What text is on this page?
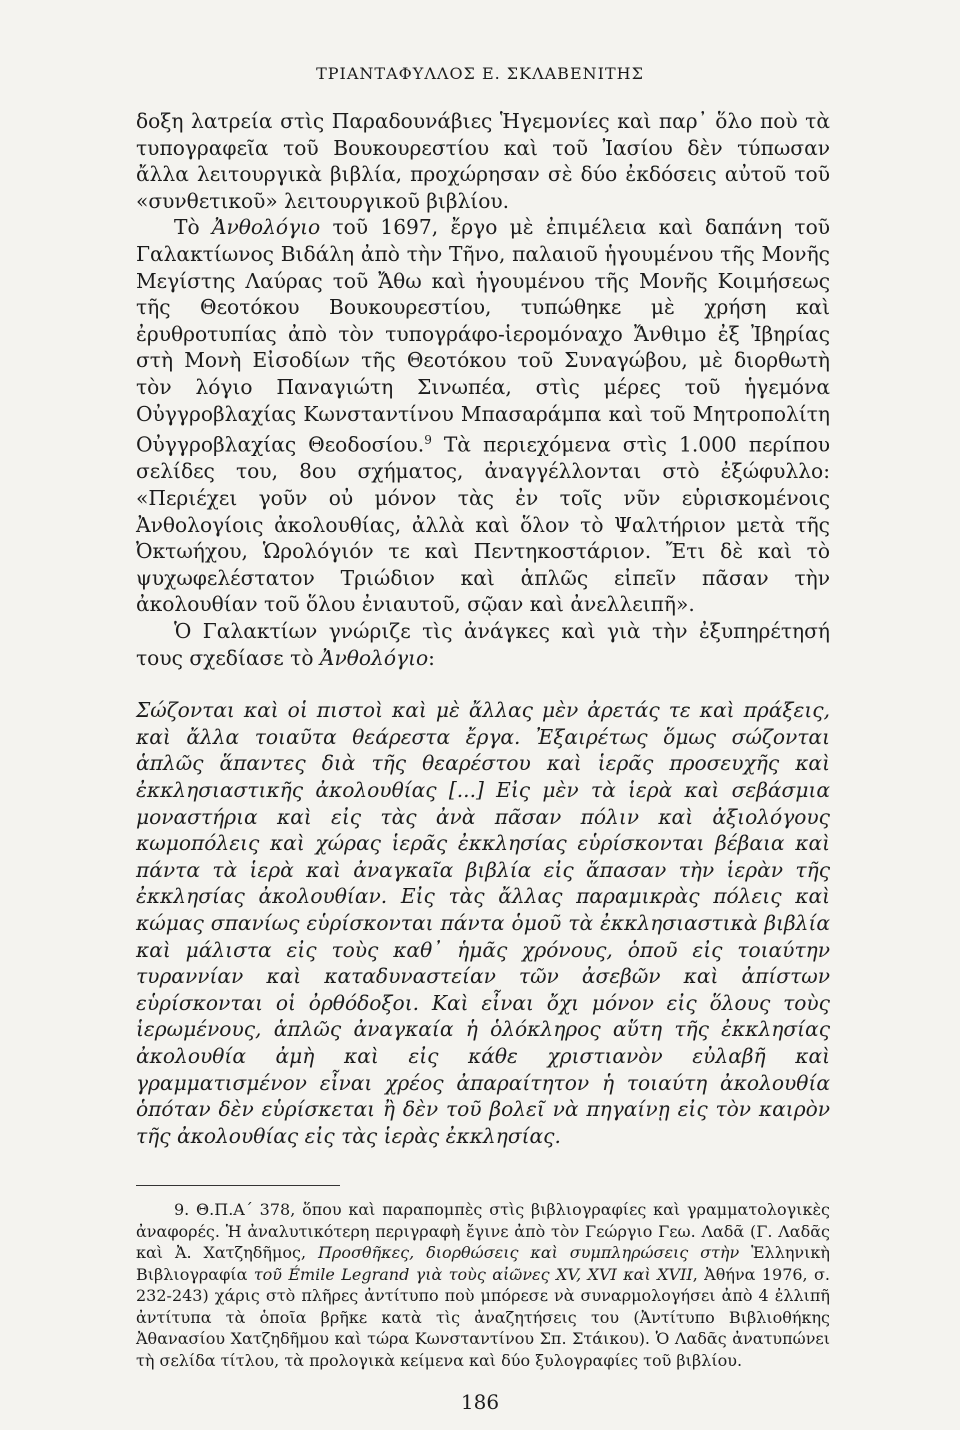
ΤΡΙΑΝΤΑΦΥΛΛΟΣ Ε. ΣΚΛΑΒΕΝΙΤΗΣ

δοξη λατρεία στὶς Παραδουνάβιες Ἡγεμονίες καὶ παρ᾽ ὅλο ποὺ τὰ τυπογραφεῖα τοῦ Βουκουρεστίου καὶ τοῦ Ἰασίου δὲν τύπωσαν ἄλλα λειτουργικὰ βιβλία, προχώρησαν σὲ δύο ἐκδόσεις αὐτοῦ τοῦ «συνθετικοῦ» λειτουργικοῦ βιβλίου.

Τὸ Ἀνθολόγιο τοῦ 1697, ἔργο μὲ ἐπιμέλεια καὶ δαπάνη τοῦ Γαλακτίωνος Βιδάλη ἀπὸ τὴν Τῆνο, παλαιοῦ ἡγουμένου τῆς Μονῆς Μεγίστης Λαύρας τοῦ Ἄθω καὶ ἡγουμένου τῆς Μονῆς Κοιμήσεως τῆς Θεοτόκου Βουκουρεστίου, τυπώθηκε μὲ χρήση καὶ ἐρυθροτυπίας ἀπὸ τὸν τυπογράφο-ἱερομόναχο Ἄνθιμο ἐξ Ἰβηρίας στὴ Μονὴ Εἰσοδίων τῆς Θεοτόκου τοῦ Συναγώβου, μὲ διορθωτὴ τὸν λόγιο Παναγιώτη Σινωπέα, στὶς μέρες τοῦ ἡγεμόνα Οὐγγροβλαχίας Κωνσταντίνου Μπασαράμπα καὶ τοῦ Μητροπολίτη Οὐγγροβλαχίας Θεοδοσίου.$^9$ Τὰ περιεχόμενα στὶς 1.000 περίπου σελίδες του, 8ου σχήματος, ἀναγγέλλονται στὸ ἐξώφυλλο: «Περιέχει γοῦν οὐ μόνον τὰς ἐν τοῖς νῦν εὑρισκομένοις Ἀνθολογίοις ἀκολουθίας, ἀλλὰ καὶ ὅλον τὸ Ψαλτήριον μετὰ τῆς Ὀκτωήχου, Ὡρολόγιόν τε καὶ Πεντηκοστάριον. Ἔτι δὲ καὶ τὸ ψυχωφελέστατον Τριώδιον καὶ ἁπλῶς εἰπεῖν πᾶσαν τὴν ἀκολουθίαν τοῦ ὅλου ἐνιαυτοῦ, σῷαν καὶ ἀνελλειπῆ».

Ὁ Γαλακτίων γνώριζε τὶς ἀνάγκες καὶ γιὰ τὴν ἐξυπηρέτησή τους σχεδίασε τὸ Ἀνθολόγιο:

Σώζονται καὶ οἱ πιστοὶ καὶ μὲ ἄλλας μὲν ἀρετάς τε καὶ πράξεις, καὶ ἄλλα τοιαῦτα θεάρεστα ἔργα. Ἐξαιρέτως ὅμως σώζονται ἁπλῶς ἅπαντες διὰ τῆς θεαρέστου καὶ ἱερᾶς προσευχῆς καὶ ἐκκλησιαστικῆς ἀκολουθίας [...] Εἰς μὲν τὰ ἱερὰ καὶ σεβάσμια μοναστήρια καὶ εἰς τὰς ἀνὰ πᾶσαν πόλιν καὶ ἀξιολόγους κωμοπόλεις καὶ χώρας ἱερᾶς ἐκκλησίας εὑρίσκονται βέβαια καὶ πάντα τὰ ἱερὰ καὶ ἀναγκαῖα βιβλία εἰς ἅπασαν τὴν ἱερὰν τῆς ἐκκλησίας ἀκολουθίαν. Εἰς τὰς ἄλλας παραμικρὰς πόλεις καὶ κώμας σπανίως εὑρίσκονται πάντα ὁμοῦ τὰ ἐκκλησιαστικὰ βιβλία καὶ μάλιστα εἰς τοὺς καθ᾽ ἡμᾶς χρόνους, ὁποῦ εἰς τοιαύτην τυραννίαν καὶ καταδυναστείαν τῶν ἀσεβῶν καὶ ἀπίστων εὑρίσκονται οἱ ὀρθόδοξοι. Καὶ εἶναι ὄχι μόνον εἰς ὅλους τοὺς ἱερωμένους, ἁπλῶς ἀναγκαία ἡ ὁλόκληρος αὕτη τῆς ἐκκλησίας ἀκολουθία ἀμὴ καὶ εἰς κάθε χριστιανὸν εὐλαβῆ καὶ γραμματισμένον εἶναι χρέος ἀπαραίτητον ἡ τοιαύτη ἀκολουθία ὁπόταν δὲν εὑρίσκεται ἢ δὲν τοῦ βολεῖ νὰ πηγαίνῃ εἰς τὸν καιρὸν τῆς ἀκολουθίας εἰς τὰς ἱερὰς ἐκκλησίας.

9. Θ.Π.Α΄ 378, ὅπου καὶ παραπομπὲς στὶς βιβλιογραφίες καὶ γραμματολογικὲς ἀναφορές. Ἡ ἀναλυτικότερη περιγραφὴ ἔγινε ἀπὸ τὸν Γεώργιο Γεω. Λαδᾶ (Γ. Λαδᾶς καὶ Ἀ. Χατζηδῆμος, Προσθῆκες, διορθώσεις καὶ συμπληρώσεις στὴν Ἑλληνικὴ Βιβλιογραφία τοῦ Émile Legrand γιὰ τοὺς αἰῶνες XV, XVI καὶ XVII, Ἀθήνα 1976, σ. 232-243) χάρις στὸ πλῆρες ἀντίτυπο ποὺ μπόρεσε νὰ συναρμολογήσει ἀπὸ 4 ἐλλιπῆ ἀντίτυπα τὰ ὁποῖα βρῆκε κατὰ τὶς ἀναζητήσεις του (Ἀντίτυπο Βιβλιοθήκης Ἀθανασίου Χατζηδῆμου καὶ τώρα Κωνσταντίνου Σπ. Στάικου). Ὁ Λαδᾶς ἀνατυπώνει τὴ σελίδα τίτλου, τὰ προλογικὰ κείμενα καὶ δύο ξυλογραφίες τοῦ βιβλίου.
186
